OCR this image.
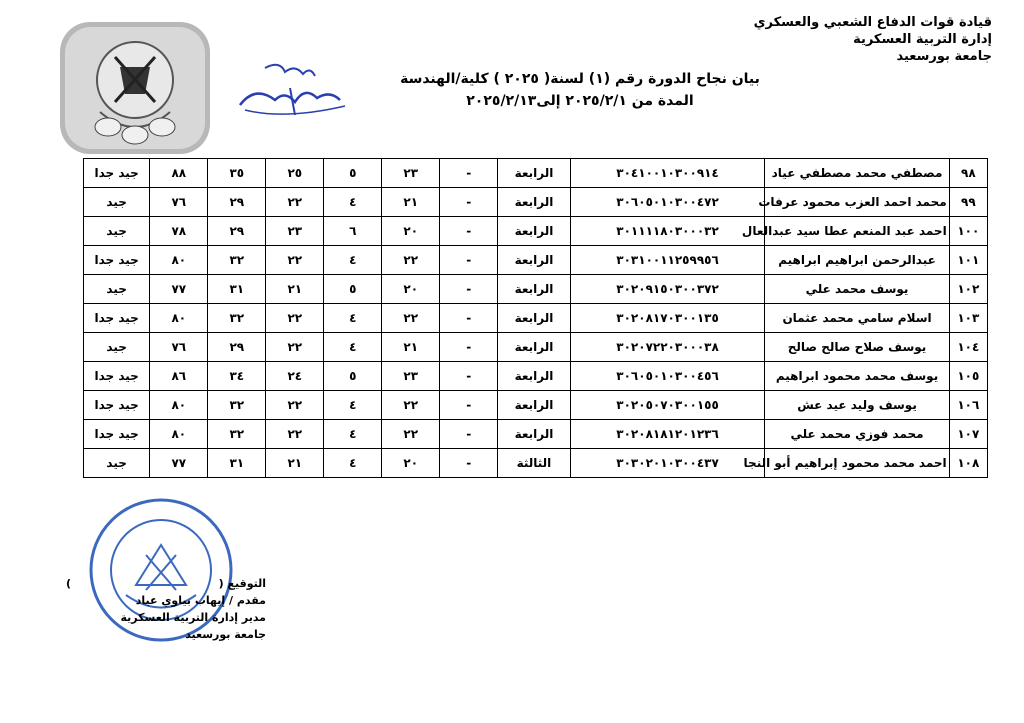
قيادة قوات الدفاع الشعبي والعسكري
إدارة التربية العسكرية
جامعة بورسعيد
بيان نجاح الدورة رقم (١) لسنة( ٢٠٢٥ ) كلية/الهندسة
المدة من ٢٠٢٥/٢/١ إلى٢٠٢٥/٢/١٣
٩٨	مصطفي محمد مصطفي عياد	٣٠٤١٠٠١٠٣٠٠٩١٤	الرابعة	-	٢٣	٥	٢٥	٣٥	٨٨	جيد جدا
٩٩	محمد احمد العزب محمود عرفات	٣٠٦٠٥٠١٠٣٠٠٤٧٢	الرابعة	-	٢١	٤	٢٢	٢٩	٧٦	جيد
١٠٠	احمد عبد المنعم عطا سيد عبدالعال	٣٠١١١١٨٠٣٠٠٠٣٢	الرابعة	-	٢٠	٦	٢٣	٢٩	٧٨	جيد
١٠١	عبدالرحمن ابراهيم ابراهيم	٣٠٣١٠٠١١٢٥٩٩٥٦	الرابعة	-	٢٢	٤	٢٢	٣٢	٨٠	جيد جدا
١٠٢	يوسف محمد علي	٣٠٢٠٩١٥٠٣٠٠٣٧٢	الرابعة	-	٢٠	٥	٢١	٣١	٧٧	جيد
١٠٣	اسلام سامي محمد عثمان	٣٠٢٠٨١٧٠٣٠٠١٣٥	الرابعة	-	٢٢	٤	٢٢	٣٢	٨٠	جيد جدا
١٠٤	يوسف صلاح صالح صالح	٣٠٢٠٧٢٢٠٣٠٠٠٣٨	الرابعة	-	٢١	٤	٢٢	٢٩	٧٦	جيد
١٠٥	يوسف محمد محمود ابراهيم	٣٠٦٠٥٠١٠٣٠٠٤٥٦	الرابعة	-	٢٣	٥	٢٤	٣٤	٨٦	جيد جدا
١٠٦	يوسف وليد عيد عش	٣٠٢٠٥٠٧٠٣٠٠١٥٥	الرابعة	-	٢٢	٤	٢٢	٣٢	٨٠	جيد جدا
١٠٧	محمد فوزي محمد علي	٣٠٢٠٨١٨١٢٠١٢٣٦	الرابعة	-	٢٢	٤	٢٢	٣٢	٨٠	جيد جدا
١٠٨	احمد محمد محمود إبراهيم أبو النجا	٣٠٣٠٢٠١٠٣٠٠٤٣٧	الثالثة	-	٢٠	٤	٢١	٣١	٧٧	جيد
التوقيع (
)
مقدم / إيهاب بياوي عياد
مدير إدارة التربية العسكرية
جامعة بورسعيد
